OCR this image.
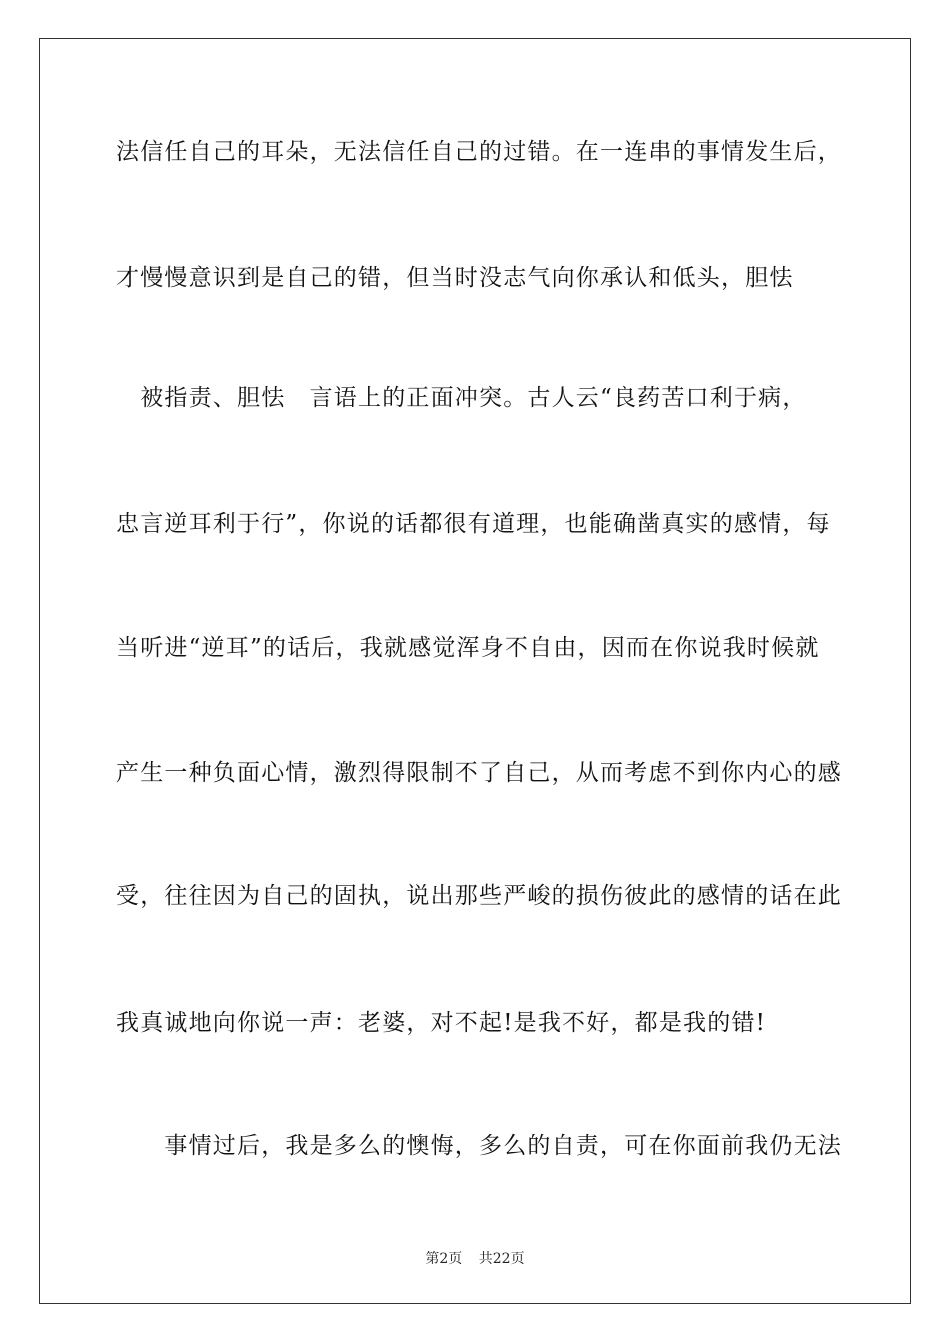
法信任自己的耳朵，无法信任自己的过错。在一连串的事情发生后，
才慢慢意识到是自己的错，但当时没志气向你承认和低头，胆怯
　被指责、胆怯　言语上的正面冲突。古人云“良药苦口利于病，
忠言逆耳利于行”，你说的话都很有道理，也能确凿真实的感情，每
当听进“逆耳”的话后，我就感觉浑身不自由，因而在你说我时候就
产生一种负面心情，激烈得限制不了自己，从而考虑不到你内心的感
受，往往因为自己的固执，说出那些严峻的损伤彼此的感情的话在此
我真诚地向你说一声：老婆，对不起!是我不好，都是我的错!
　　事情过后，我是多么的懊悔，多么的自责，可在你面前我仍无法
第2页 共22页
